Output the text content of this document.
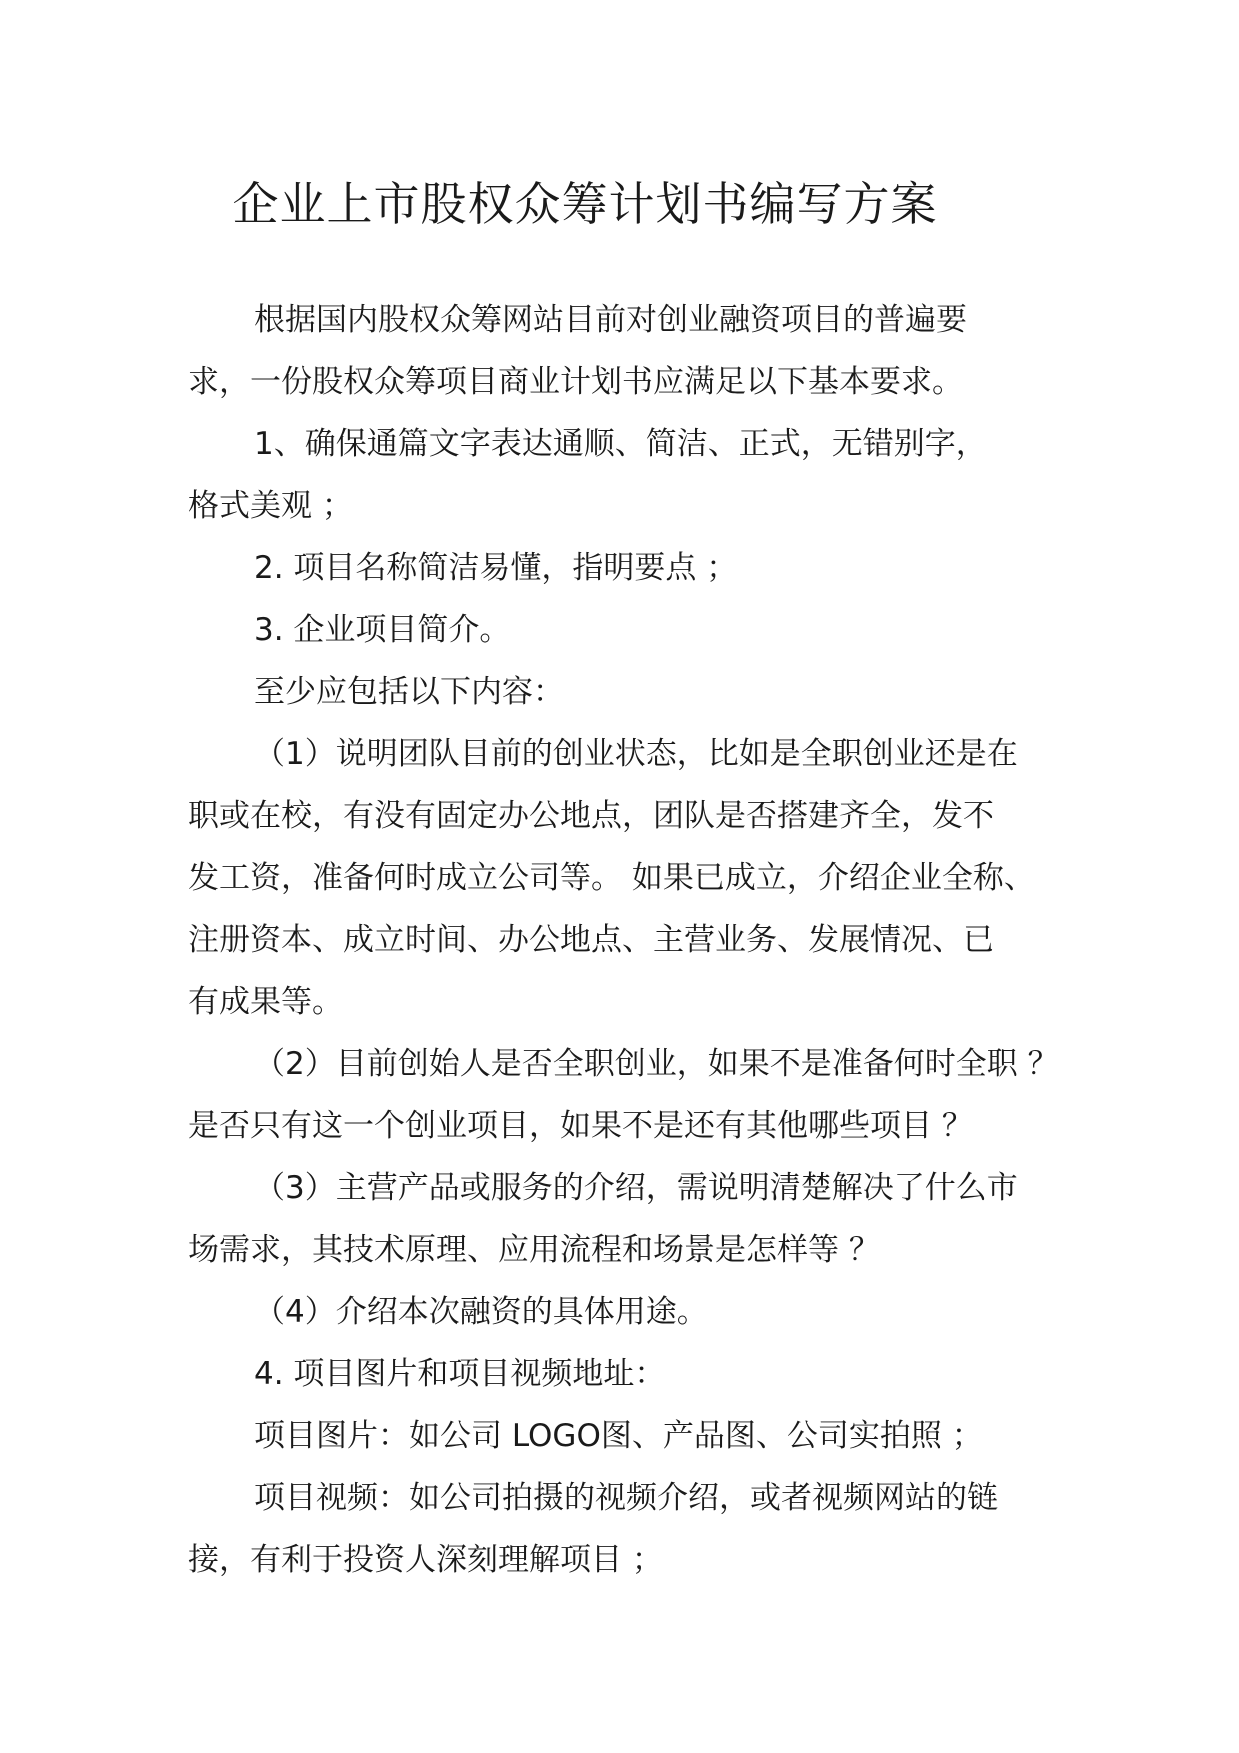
企业上市股权众筹计划书编写方案
根据国内股权众筹网站目前对创业融资项目的普遍要
求，一份股权众筹项目商业计划书应满足以下基本要求。
1、确保通篇文字表达通顺、简洁、正式，无错别字，
格式美观 ；
2. 项目名称简洁易懂，指明要点 ；
3. 企业项目简介。
至少应包括以下内容：
（1）说明团队目前的创业状态，比如是全职创业还是在
职或在校，有没有固定办公地点，团队是否搭建齐全，发不
发工资，准备何时成立公司等。 如果已成立，介绍企业全称、
注册资本、成立时间、办公地点、主营业务、发展情况、已
有成果等。
（2）目前创始人是否全职创业，如果不是准备何时全职 ？
是否只有这一个创业项目，如果不是还有其他哪些项目 ？
（3）主营产品或服务的介绍，需说明清楚解决了什么市
场需求，其技术原理、应用流程和场景是怎样等 ？
（4）介绍本次融资的具体用途。
4. 项目图片和项目视频地址：
项目图片：如公司 LOGO图、产品图、公司实拍照 ；
项目视频：如公司拍摄的视频介绍，或者视频网站的链
接，有利于投资人深刻理解项目 ；
